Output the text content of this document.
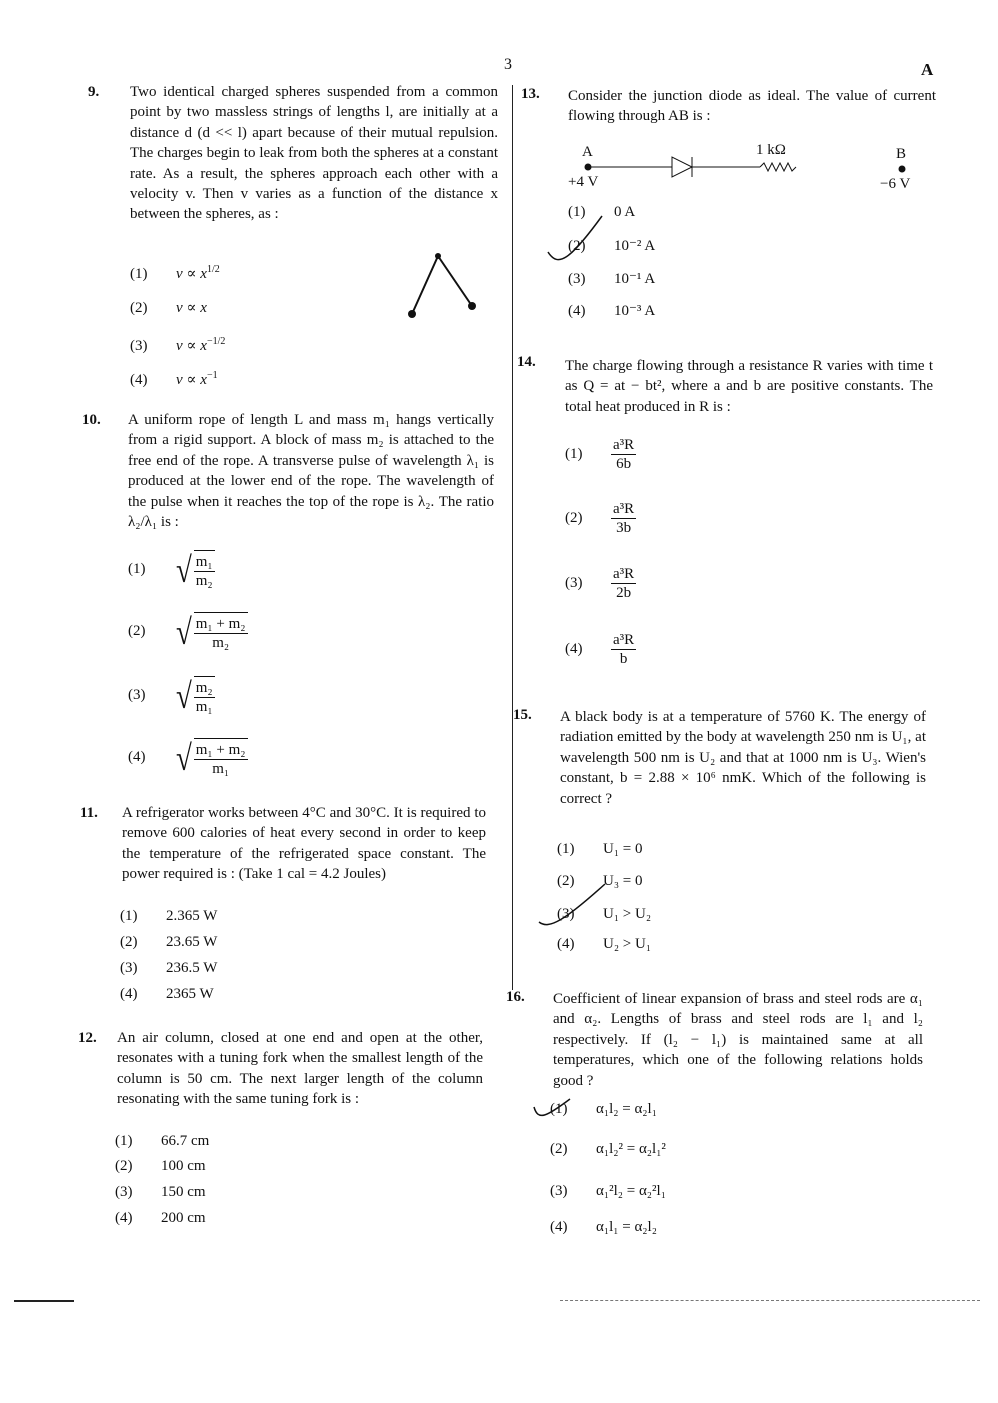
3	A
9. Two identical charged spheres suspended from a common point by two massless strings of lengths l, are initially at a distance d (d << l) apart because of their mutual repulsion. The charges begin to leak from both the spheres at a constant rate. As a result, the spheres approach each other with a velocity v. Then v varies as a function of the distance x between the spheres, as :
(1) $v \propto x^{1/2}$
(2) v ∝ x
(3) $v \propto x^{-1/2}$
(4) $v \propto x^{-1}$
10. A uniform rope of length L and mass m₁ hangs vertically from a rigid support. A block of mass m₂ is attached to the free end of the rope. A transverse pulse of wavelength λ₁ is produced at the lower end of the rope. The wavelength of the pulse when it reaches the top of the rope is λ₂. The ratio λ₂/λ₁ is :
(1) √ $\frac{\text{m₁}}{\text{m₂}}$
(2) √ $\frac{\text{m₁ + m₂}}{\text{m₂}}$
(3) √ $\frac{\text{m₂}}{\text{m₁}}$
(4) √ $\frac{\text{m₁ + m₂}}{\text{m₁}}$
11. A refrigerator works between 4°C and 30°C. It is required to remove 600 calories of heat every second in order to keep the temperature of the refrigerated space constant. The power required is : (Take 1 cal = 4.2 Joules)
(1) 2.365 W
(2) 23.65 W
(3) 236.5 W
(4) 2365 W
12. An air column, closed at one end and open at the other, resonates with a tuning fork when the smallest length of the column is 50 cm. The next larger length of the column resonating with the same tuning fork is :
(1) 66.7 cm
(2) 100 cm
(3) 150 cm
(4) 200 cm
13. Consider the junction diode as ideal. The value of current flowing through AB is :
A
+4 V
1 kΩ	B
−6 V
(1) 0 A
(2) 10⁻² A
(3) 10⁻¹ A
(4) 10⁻³ A
14. The charge flowing through a resistance R varies with time t as Q = at − bt², where a and b are positive constants. The total heat produced in R is :
$(1) \frac{\text{a³R}}{6b}$
$(2) \frac{\text{a³R}}{3b}$
$(3) \frac{\text{a³R}}{2b}$
$(4) \frac{\text{a³R}}{b}$
15. A black body is at a temperature of 5760 K. The energy of radiation emitted by the body at wavelength 250 nm is U₁, at wavelength 500 nm is U₂ and that at 1000 nm is U₃. Wien's constant, b = 2.88 × 10⁶ nmK. Which of the following is correct ?
(1) U₁ = 0
(2) U₃ = 0
(3) U₁ > U₂
(4) U₂ > U₁
16. Coefficient of linear expansion of brass and steel rods are α₁ and α₂. Lengths of brass and steel rods are l₁ and l₂ respectively. If (l₂ − l₁) is maintained same at all temperatures, which one of the following relations holds good ?
(1) α₁l₂ = α₂l₁
(2) α₁l₂² = α₂l₁²
(3) α₁²l₂ = α₂²l₁
(4) α₁l₁ = α₂l₂
